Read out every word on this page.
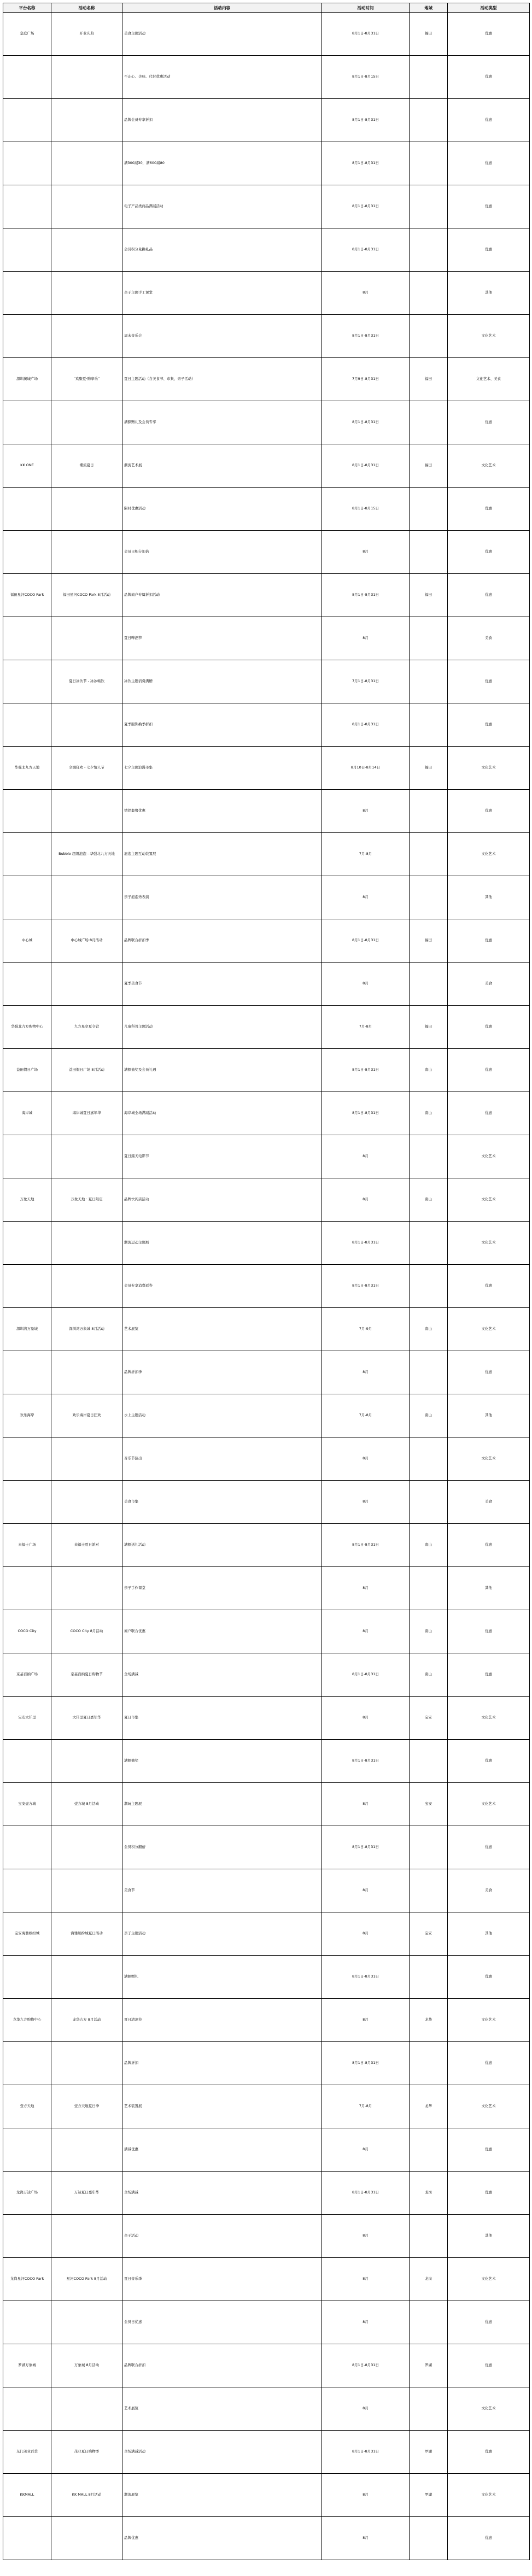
平台名称	活动名称	活动内容	活动时间	地域	活动类型
皇庭广场	开业庆典	美食主题活动	8月1日-8月31日	福田	优惠
		不止心、美味、代付优惠活动	8月1日-8月15日		优惠
		品牌会员专享折扣	8月1日-8月31日		优惠
		满300减30，满600减80	8月1日-8月31日		优惠
		电子产品类商品满减活动	8月1日-8月31日		优惠
		会员积分兑换礼品	8月1日-8月31日		优惠
		亲子主题手工课堂	8月		其他
		周末音乐会	8月1日-8月31日		文化艺术
深圳奥城广场	“欢聚夏·购享乐”	夏日主题活动（含美食节、市集、亲子活动）	7月9日-8月31日	福田	文化艺术、美食
		满额赠礼及会员专享	8月1日-8月31日		优惠
KK ONE	潮流夏日	潮流艺术展	8月1日-8月31日	福田	文化艺术
		限时优惠活动	8月1日-8月15日		优惠
		会员日积分加倍	8月		优惠
福田星河COCO Park	福田星河COCO Park 8月活动	品牌商户专属折扣活动	8月1日-8月31日	福田	优惠
		夏日啤酒节	8月		美食
	夏日冰饮节 - 冰冰畅饮	冰饮主题消费满赠	7月1日-8月31日		优惠
		夏季服饰换季折扣	8月1日-8月31日		优惠
华强北九方天地	全城狂欢 - 七夕情人节	七夕主题浪漫市集	8月10日-8月14日	福田	文化艺术
		情侣套餐优惠	8月		优惠
	Bubble 超级泡泡 - 华强北九方天地	泡泡主题互动装置展	7月-8月		文化艺术
		亲子泡泡秀表演	8月		其他
中心城	中心城广场·8月活动	品牌联合折扣季	8月1日-8月31日	福田	优惠
		夏季美食节	8月		美食
华强北九方购物中心	九方星空夏令营	儿童科普主题活动	7月-8月	福田	优惠
益田假日广场	益田假日广场 8月活动	满额抽奖及会员礼遇	8月1日-8月31日	南山	优惠
海岸城	海岸城夏日嘉年华	海岸城全场满减活动	8月1日-8月31日	南山	优惠
		夏日露天电影节	8月		文化艺术
万象天地	万象天地 · 夏日限定	品牌快闪店活动	8月	南山	文化艺术
		潮流运动主题展	8月1日-8月31日		文化艺术
		会员专享消费返券	8月1日-8月31日		优惠
深圳湾万象城	深圳湾万象城 8月活动	艺术展览	7月-9月	南山	文化艺术
		品牌折扣季	8月		优惠
欢乐海岸	欢乐海岸夏日狂欢	水上主题活动	7月-8月	南山	其他
		音乐节演出	8月		文化艺术
		美食市集	8月		美食
来福士广场	来福士夏日派对	满额送礼活动	8月1日-8月31日	南山	优惠
		亲子手作课堂	8月		其他
COCO City	COCO City 8月活动	商户联合优惠	8月	南山	优惠
京基百纳广场	京基百纳夏日购物节	全场满减	8月1日-8月31日	南山	优惠
宝安大仟里	大仟里夏日嘉年华	夏日市集	8月	宝安	文化艺术
		满额抽奖	8月1日-8月31日		优惠
宝安壹方城	壹方城 8月活动	潮玩主题展	8月	宝安	文化艺术
		会员积分翻倍	8月1日-8月31日		优惠
		美食节	8月		美食
宝安海雅缤纷城	海雅缤纷城夏日活动	亲子主题活动	8月	宝安	其他
		满额赠礼	8月1日-8月31日		优惠
龙华九方购物中心	龙华九方 8月活动	夏日清凉节	8月	龙华	文化艺术
		品牌折扣	8月1日-8月31日		优惠
壹方天地	壹方天地夏日季	艺术装置展	7月-8月	龙华	文化艺术
		满减优惠	8月		优惠
龙岗万达广场	万达夏日嘉年华	全场满减	8月1日-8月31日	龙岗	优惠
		亲子活动	8月		其他
龙岗星河COCO Park	星河COCO Park 8月活动	夏日音乐季	8月	龙岗	文化艺术
		会员日优惠	8月		优惠
罗湖万象城	万象城 8月活动	品牌联合折扣	8月1日-8月31日	罗湖	优惠
		艺术展览	8月		文化艺术
东门茂业百货	茂业夏日购物季	全场满减活动	8月1日-8月31日	罗湖	优惠
KKMALL	KK MALL 8月活动	潮流展览	8月	罗湖	文化艺术
		品牌优惠	8月		优惠
